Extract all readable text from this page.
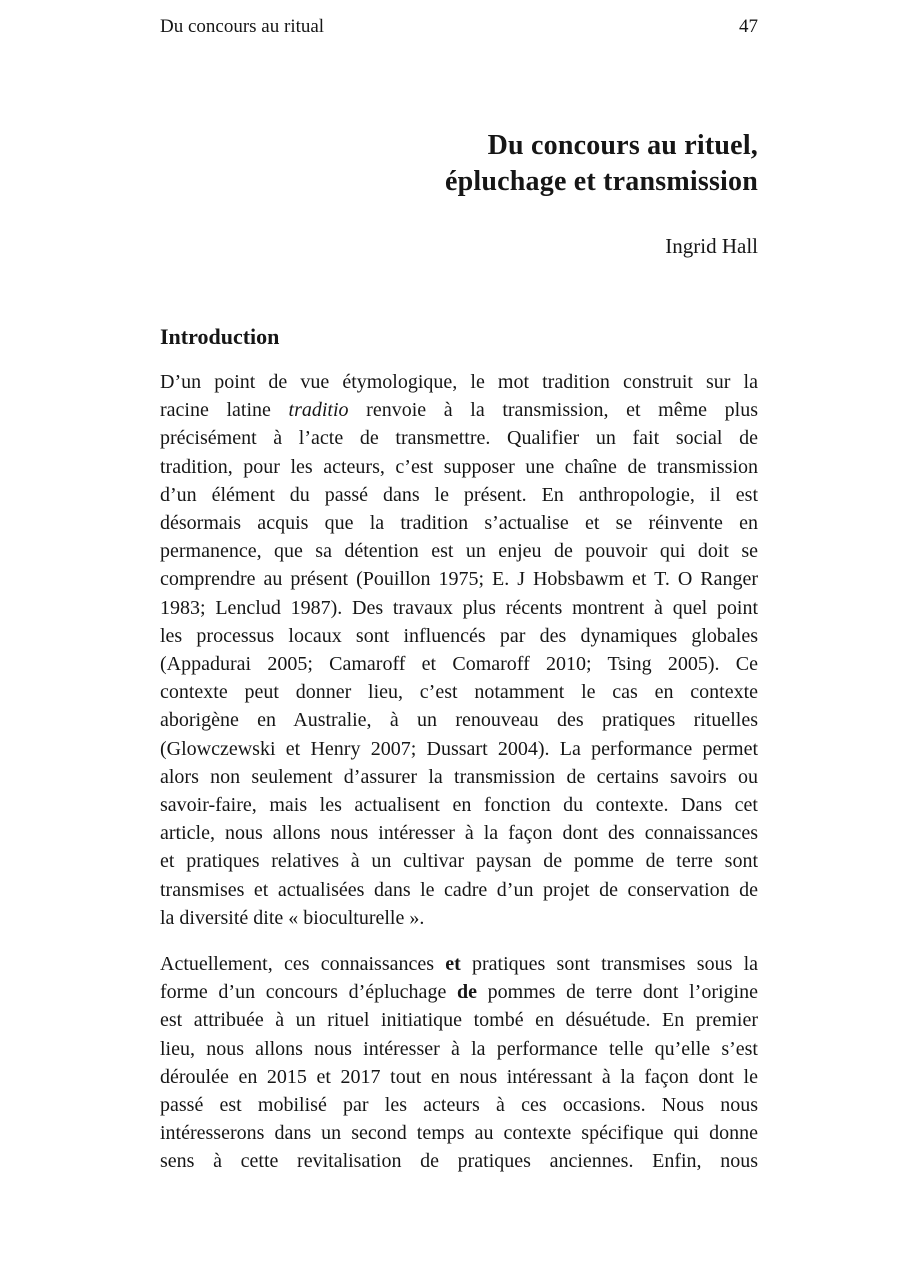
Du concours au ritual	47
Du concours au rituel,
épluchage et transmission
Ingrid Hall
Introduction
D’un point de vue étymologique, le mot tradition construit sur la
racine latine traditio renvoie à la transmission, et même plus
précisément à l’acte de transmettre. Qualifier un fait social de
tradition, pour les acteurs, c’est supposer une chaîne de transmission
d’un élément du passé dans le présent. En anthropologie, il est
désormais acquis que la tradition s’actualise et se réinvente en
permanence, que sa détention est un enjeu de pouvoir qui doit se
comprendre au présent (Pouillon 1975; E. J Hobsbawm et T. O Ranger
1983; Lenclud 1987). Des travaux plus récents montrent à quel point
les processus locaux sont influencés par des dynamiques globales
(Appadurai 2005; Camaroff et Comaroff 2010; Tsing 2005). Ce
contexte peut donner lieu, c’est notamment le cas en contexte
aborigène en Australie, à un renouveau des pratiques rituelles
(Glowczewski et Henry 2007; Dussart 2004). La performance permet
alors non seulement d’assurer la transmission de certains savoirs ou
savoir-faire, mais les actualisent en fonction du contexte. Dans cet
article, nous allons nous intéresser à la façon dont des connaissances
et pratiques relatives à un cultivar paysan de pomme de terre sont
transmises et actualisées dans le cadre d’un projet de conservation de
la diversité dite « bioculturelle ».
Actuellement, ces connaissances et pratiques sont transmises sous la
forme d’un concours d’épluchage de pommes de terre dont l’origine
est attribuée à un rituel initiatique tombé en désuétude. En premier
lieu, nous allons nous intéresser à la performance telle qu’elle s’est
déroulée en 2015 et 2017 tout en nous intéressant à la façon dont le
passé est mobilisé par les acteurs à ces occasions. Nous nous
intéresserons dans un second temps au contexte spécifique qui donne
sens à cette revitalisation de pratiques anciennes. Enfin, nous
